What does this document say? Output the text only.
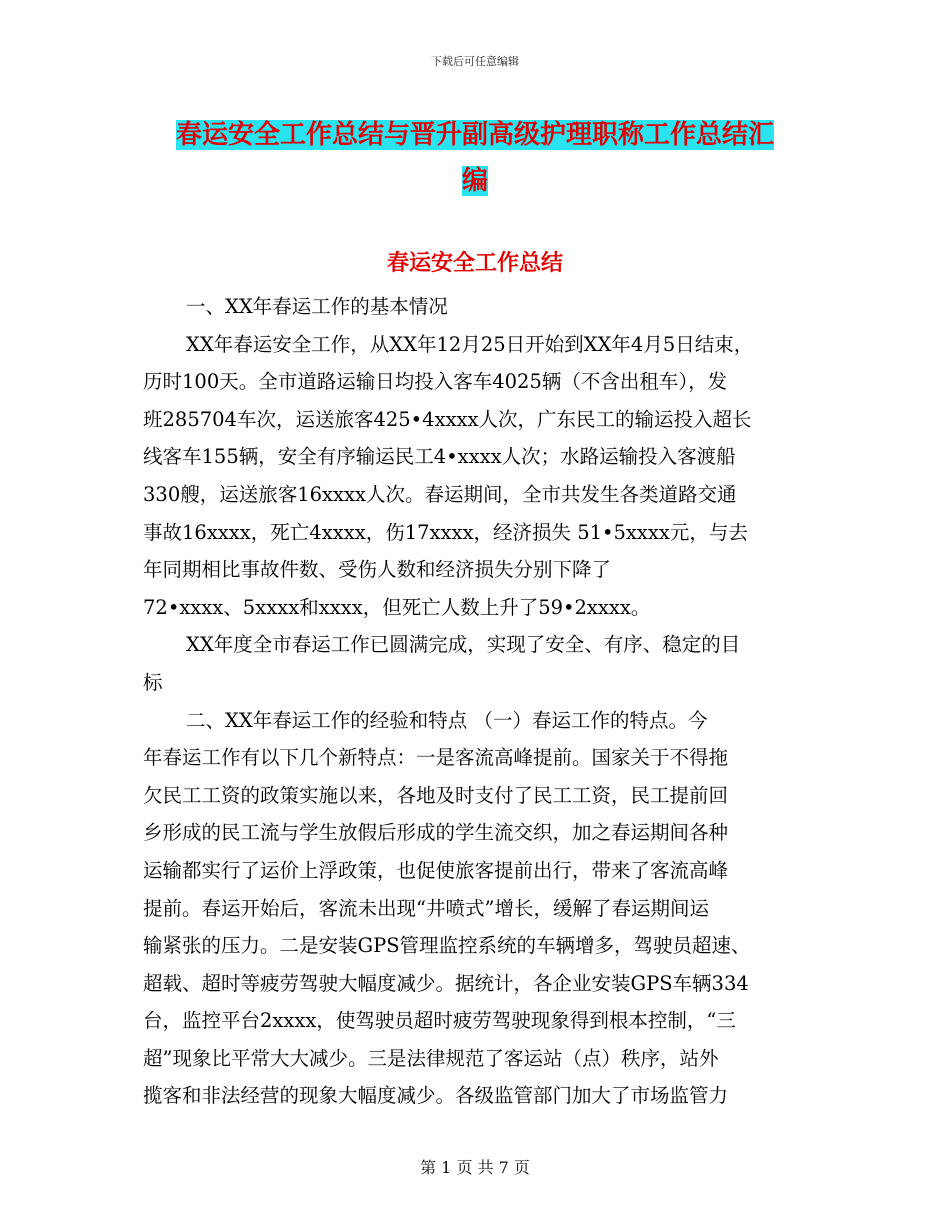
下载后可任意编辑
春运安全工作总结与晋升副高级护理职称工作总结汇
编
春运安全工作总结
一、XX年春运工作的基本情况
XX年春运安全工作，从XX年12月25日开始到XX年4月5日结束，
历时100天。全市道路运输日均投入客车4025辆（不含出租车），发
班285704车次，运送旅客425•4xxxx人次，广东民工的输运投入超长
线客车155辆，安全有序输运民工4•xxxx人次；水路运输投入客渡船
330艘，运送旅客16xxxx人次。春运期间，全市共发生各类道路交通
事故16xxxx，死亡4xxxx，伤17xxxx，经济损失 51•5xxxx元，与去
年同期相比事故件数、受伤人数和经济损失分别下降了
72•xxxx、5xxxx和xxxx，但死亡人数上升了59•2xxxx。
XX年度全市春运工作已圆满完成，实现了安全、有序、稳定的目
标
二、XX年春运工作的经验和特点 （一）春运工作的特点。今
年春运工作有以下几个新特点：一是客流高峰提前。国家关于不得拖
欠民工工资的政策实施以来，各地及时支付了民工工资，民工提前回
乡形成的民工流与学生放假后形成的学生流交织，加之春运期间各种
运输都实行了运价上浮政策，也促使旅客提前出行，带来了客流高峰
提前。春运开始后，客流未出现“井喷式”增长，缓解了春运期间运
输紧张的压力。二是安装GPS管理监控系统的车辆增多，驾驶员超速、
超载、超时等疲劳驾驶大幅度减少。据统计，各企业安装GPS车辆334
台，监控平台2xxxx，使驾驶员超时疲劳驾驶现象得到根本控制，“三
超”现象比平常大大减少。三是法律规范了客运站（点）秩序，站外
揽客和非法经营的现象大幅度减少。各级监管部门加大了市场监管力
第 1 页 共 7 页
